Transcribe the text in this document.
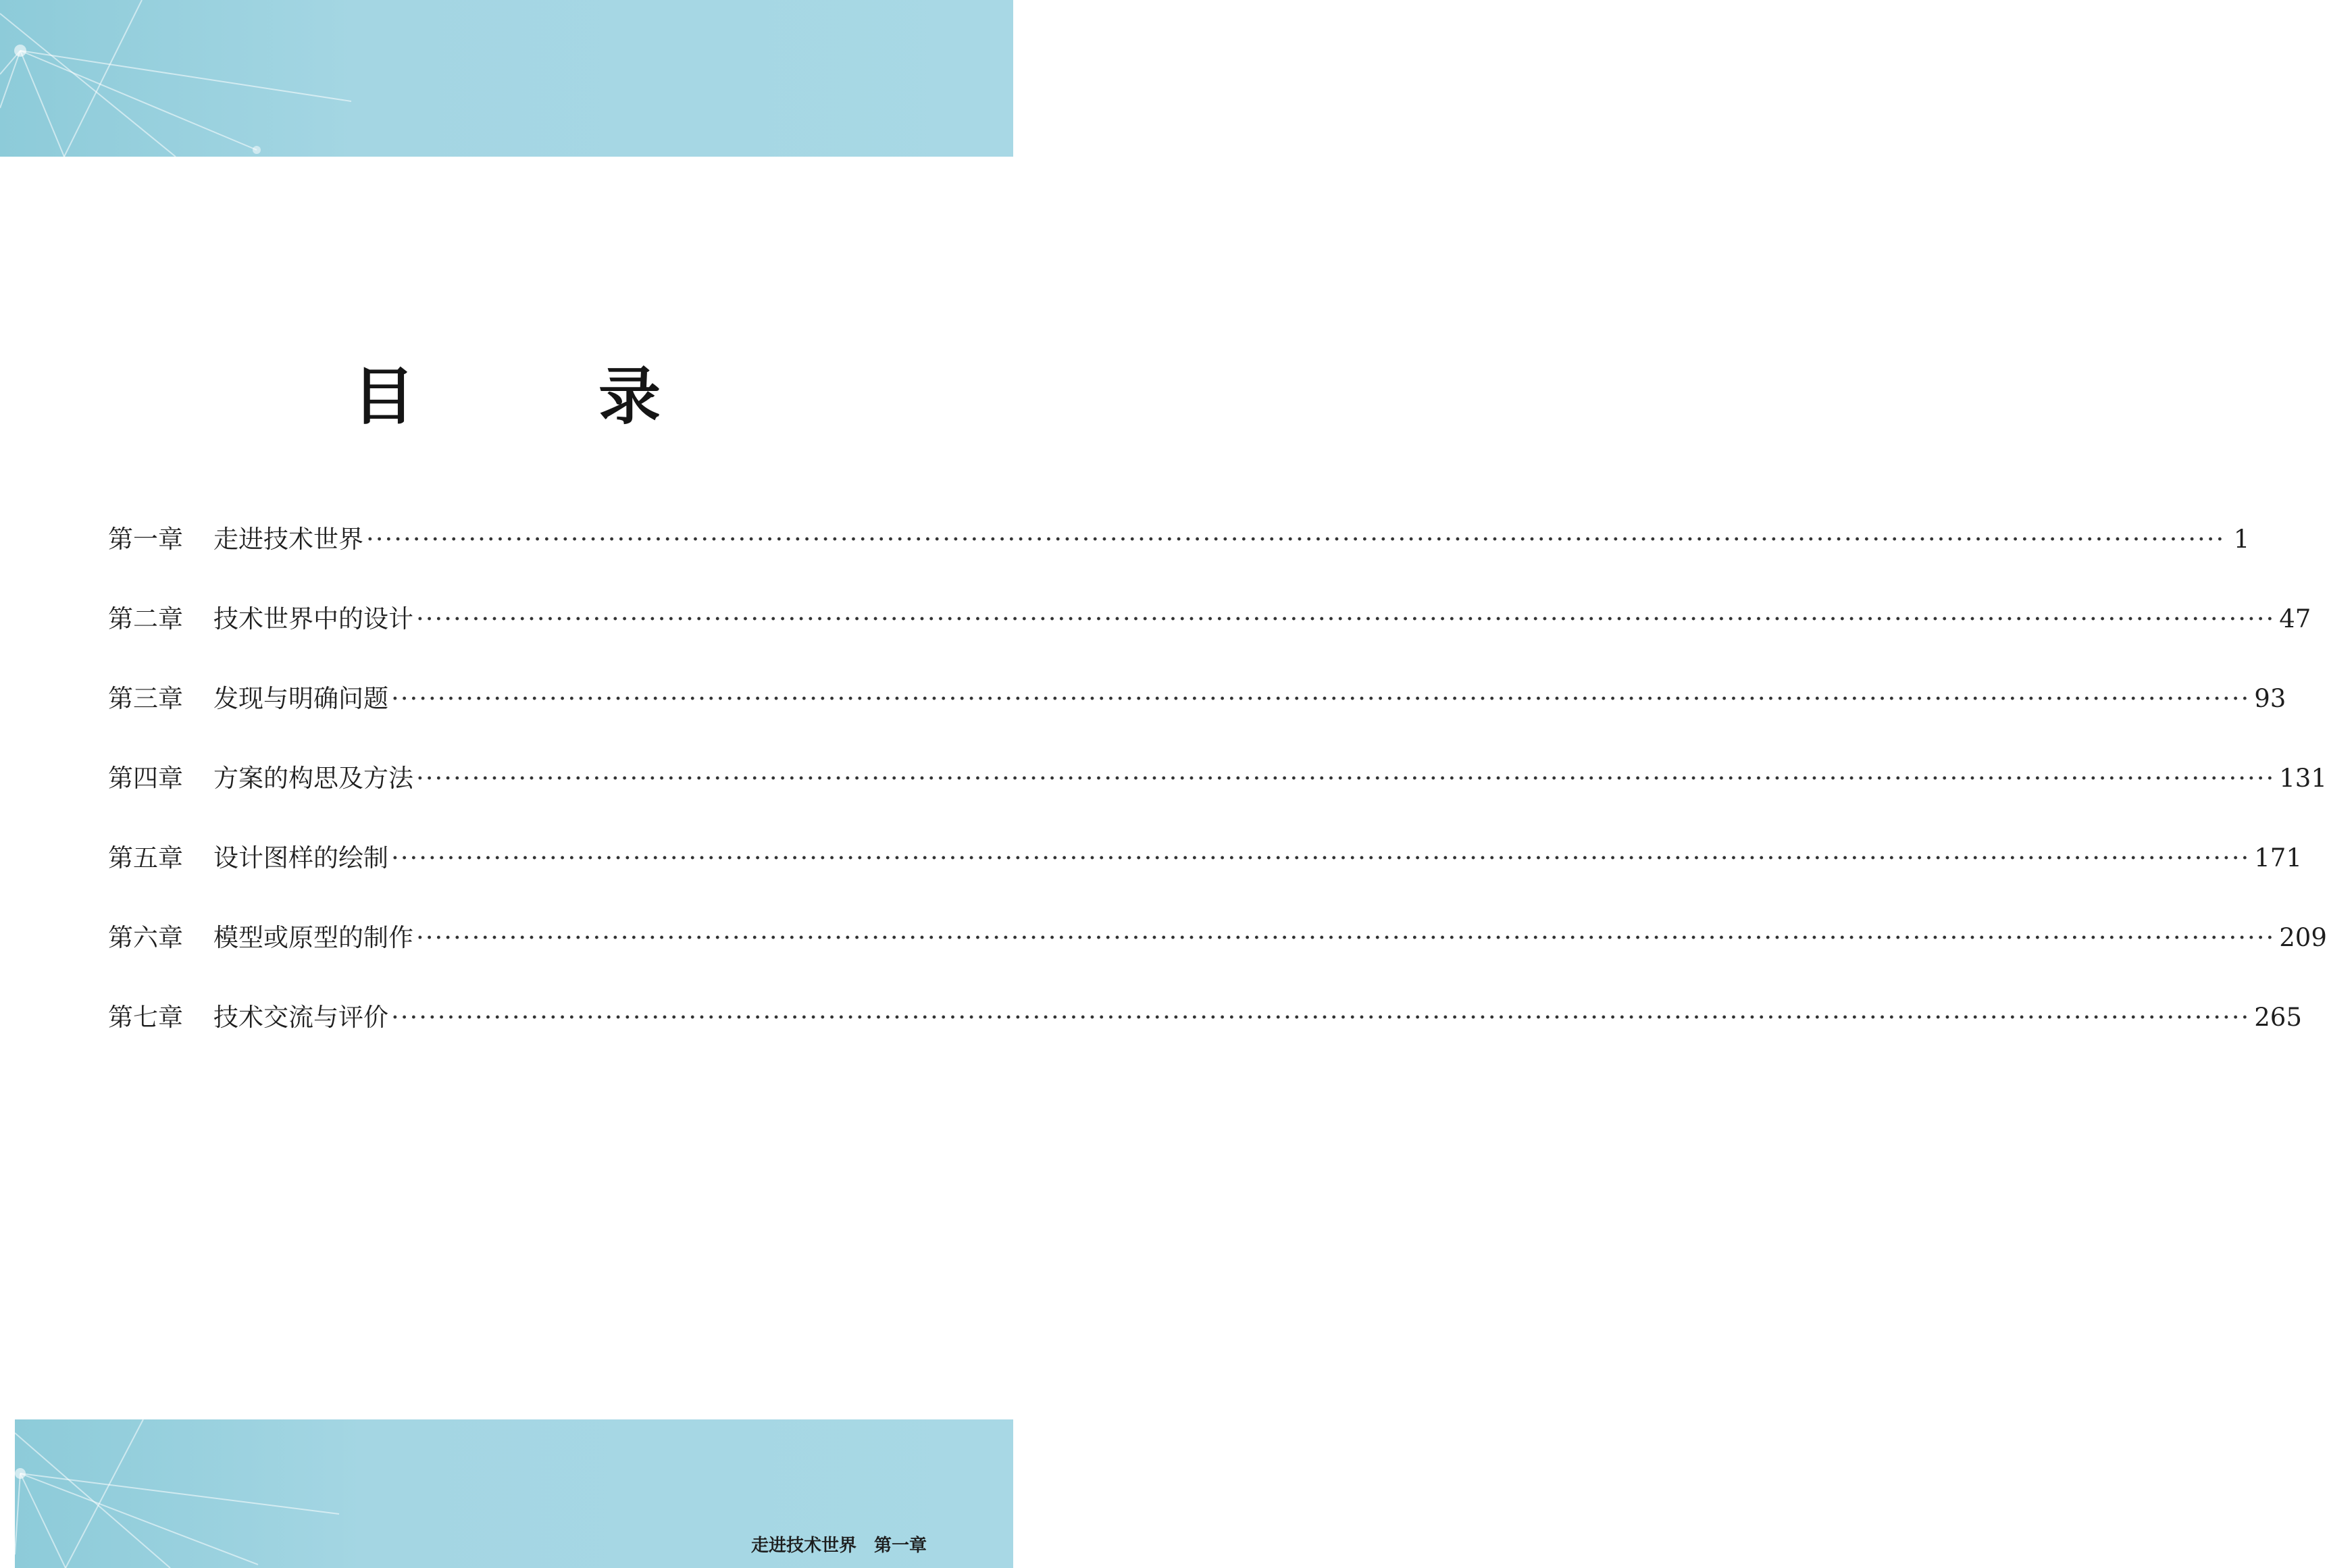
目 录
第一章	走进技术世界 ········································································································································································································ 1
第二章	技术世界中的设计 ········································································································································································································ 47
第三章	发现与明确问题 ········································································································································································································ 93
第四章	方案的构思及方法 ········································································································································································································ 131
第五章	设计图样的绘制 ········································································································································································································ 171
第六章	模型或原型的制作 ········································································································································································································ 209
第七章	技术交流与评价 ········································································································································································································ 265
走进技术世界 第一章
